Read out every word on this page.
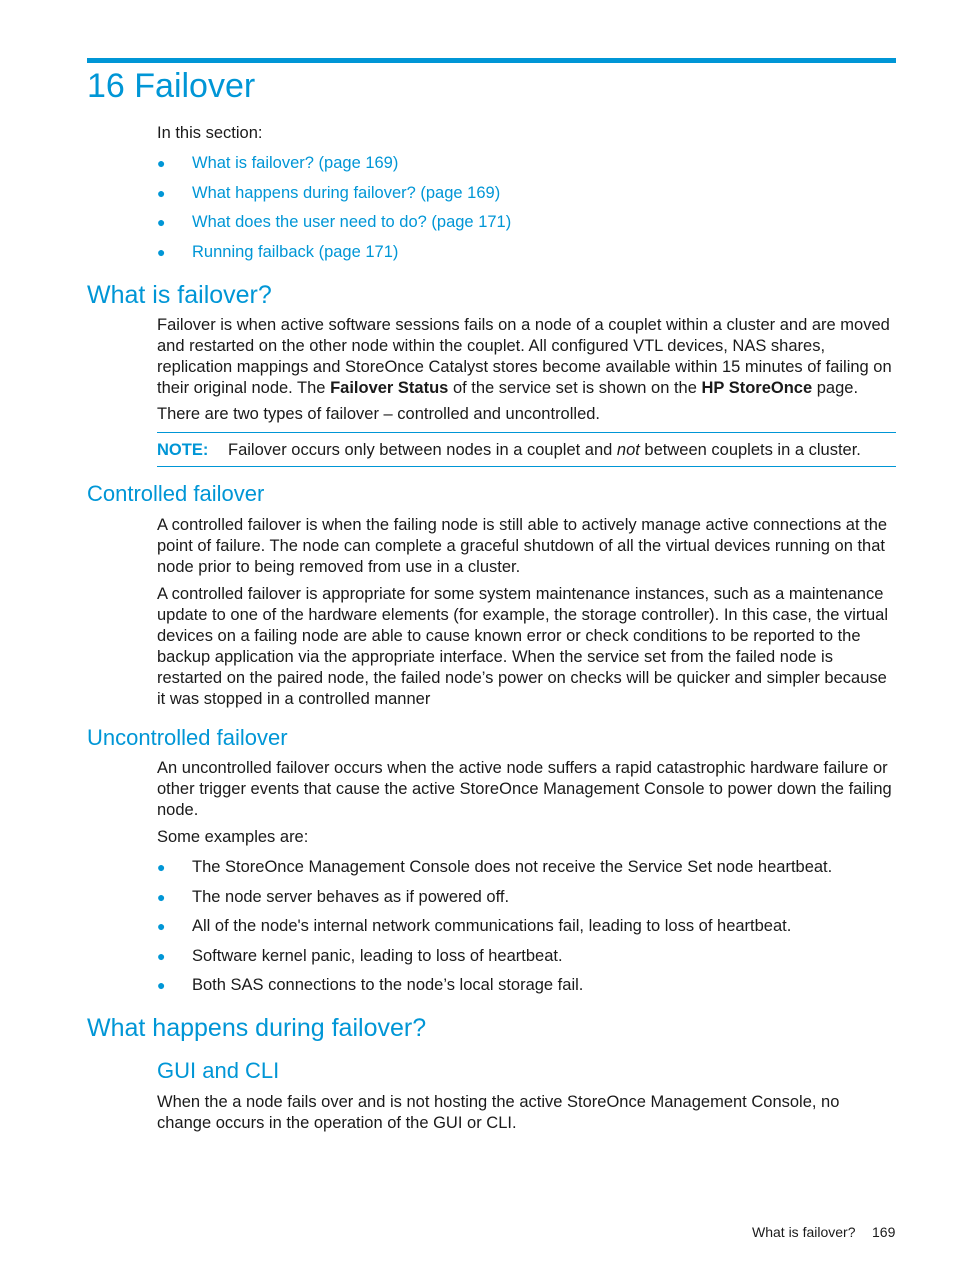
16 Failover

In this section:

● What is failover? (page 169)
● What happens during failover? (page 169)
● What does the user need to do? (page 171)
● Running failback (page 171)
What is failover?

Failover is when active software sessions fails on a node of a couplet within a cluster and are moved and restarted on the other node within the couplet. All configured VTL devices, NAS shares, replication mappings and StoreOnce Catalyst stores become available within 15 minutes of failing on their original node. The Failover Status of the service set is shown on the HP StoreOnce page.

There are two types of failover – controlled and uncontrolled.

NOTE: Failover occurs only between nodes in a couplet and not between couplets in a cluster.
Controlled failover

A controlled failover is when the failing node is still able to actively manage active connections at the point of failure. The node can complete a graceful shutdown of all the virtual devices running on that node prior to being removed from use in a cluster.

A controlled failover is appropriate for some system maintenance instances, such as a maintenance update to one of the hardware elements (for example, the storage controller). In this case, the virtual devices on a failing node are able to cause known error or check conditions to be reported to the backup application via the appropriate interface. When the service set from the failed node is restarted on the paired node, the failed node’s power on checks will be quicker and simpler because it was stopped in a controlled manner

Uncontrolled failover

An uncontrolled failover occurs when the active node suffers a rapid catastrophic hardware failure or other trigger events that cause the active StoreOnce Management Console to power down the failing node.

Some examples are:

● The StoreOnce Management Console does not receive the Service Set node heartbeat.
● The node server behaves as if powered off.
● All of the node's internal network communications fail, leading to loss of heartbeat.
● Software kernel panic, leading to loss of heartbeat.
● Both SAS connections to the node’s local storage fail.
What happens during failover?
GUI and CLI

When the a node fails over and is not hosting the active StoreOnce Management Console, no change occurs in the operation of the GUI or CLI.

What is failover? 169
